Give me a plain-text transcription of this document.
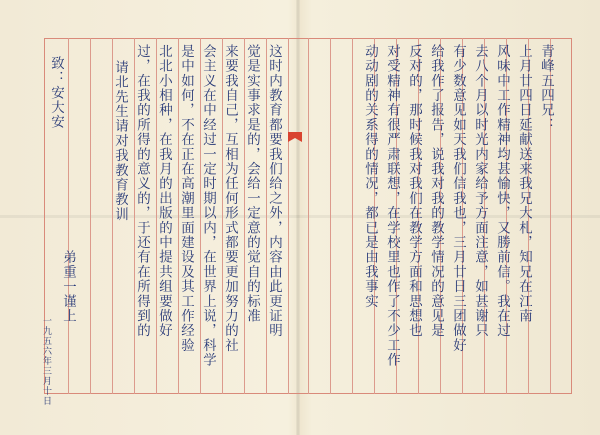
青峰五四兄：
上月廿四日延献送来我兄大札，知兄在江南
风味中工作精神均甚愉快，又勝前信。我在过
去八个月以时光内家给予方面注意，如甚谢只
有少数意见如天我们信我也，三月廿日三团做好
给我作了报告，说我对我的教学情况的意见是
反对的，那时候我对我们在教学方面和思想也
对受精神有很严肃联想，在学校里也作了不少工作
动动剧的关系得的情况，都已是由我事实
这时内教育都要我们给之外，内容由此更证明
觉是实事求是的，会给一定意的觉自的标准
来要我自己，互相为任何形式都要更加努力的社
会主义在中经过一定时期以内，在世界上说，科学
是中如何，不在正在高潮里面建设及其工作经验
北北小相种，在我月的出版的中提共组要做好
过，在我的所得的意义的，于还有在所得到的
请北先生请对我教育教训
弟重一谨上
致：安大安
一九五六年三月十日
